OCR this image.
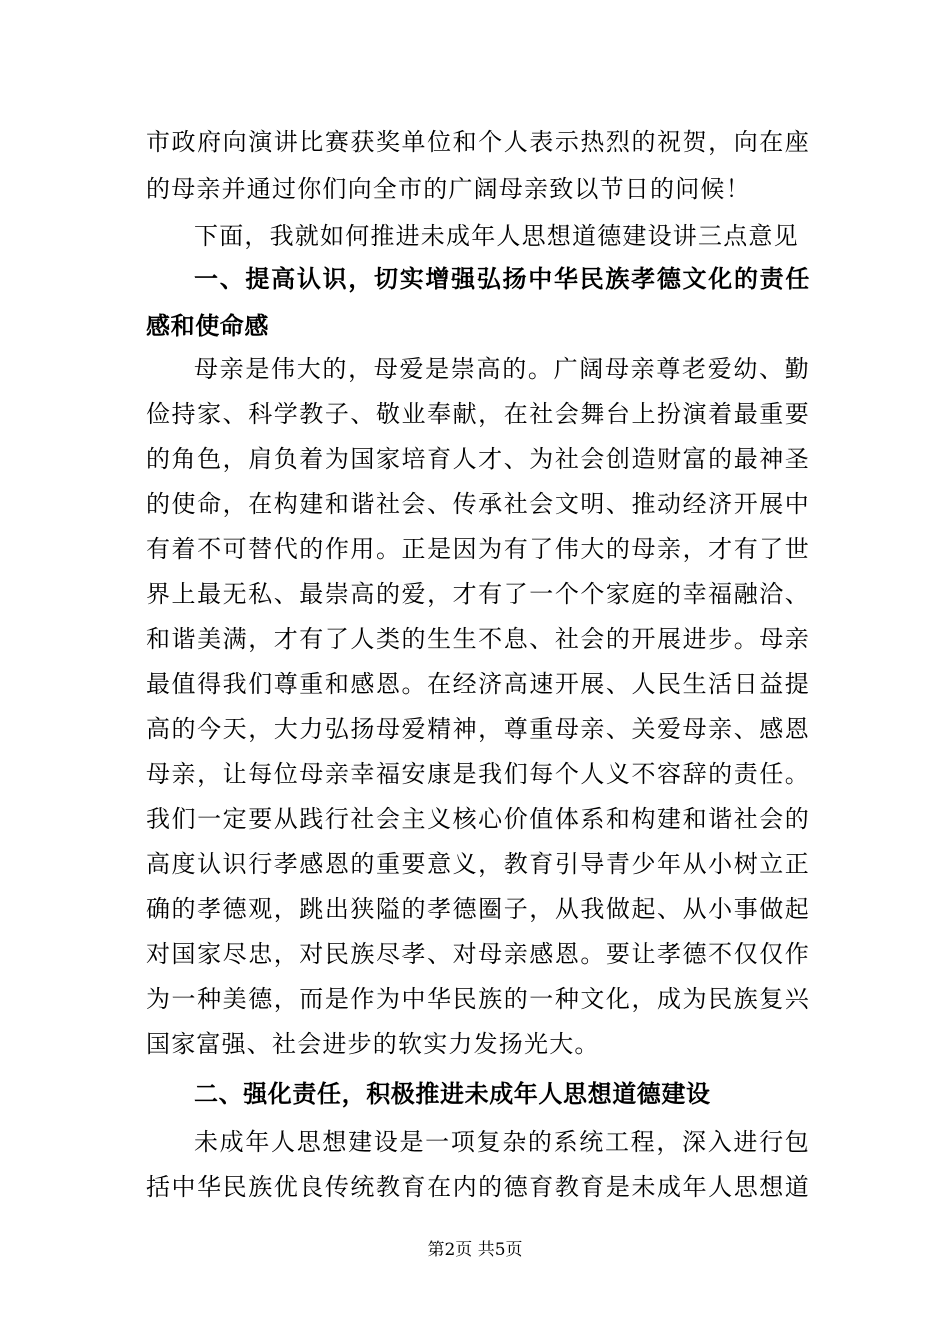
市政府向演讲比赛获奖单位和个人表示热烈的祝贺，向在座
的母亲并通过你们向全市的广阔母亲致以节日的问候！
下面，我就如何推进未成年人思想道德建设讲三点意见
一、提高认识，切实增强弘扬中华民族孝德文化的责任
感和使命感
母亲是伟大的，母爱是崇高的。广阔母亲尊老爱幼、勤
俭持家、科学教子、敬业奉献，在社会舞台上扮演着最重要
的角色，肩负着为国家培育人才、为社会创造财富的最神圣
的使命，在构建和谐社会、传承社会文明、推动经济开展中
有着不可替代的作用。正是因为有了伟大的母亲，才有了世
界上最无私、最崇高的爱，才有了一个个家庭的幸福融洽、
和谐美满，才有了人类的生生不息、社会的开展进步。母亲
最值得我们尊重和感恩。在经济高速开展、人民生活日益提
高的今天，大力弘扬母爱精神，尊重母亲、关爱母亲、感恩
母亲，让每位母亲幸福安康是我们每个人义不容辞的责任。
我们一定要从践行社会主义核心价值体系和构建和谐社会的
高度认识行孝感恩的重要意义，教育引导青少年从小树立正
确的孝德观，跳出狭隘的孝德圈子，从我做起、从小事做起
对国家尽忠，对民族尽孝、对母亲感恩。要让孝德不仅仅作
为一种美德，而是作为中华民族的一种文化，成为民族复兴
国家富强、社会进步的软实力发扬光大。
二、强化责任，积极推进未成年人思想道德建设
未成年人思想建设是一项复杂的系统工程，深入进行包
括中华民族优良传统教育在内的德育教育是未成年人思想道
第2页 共5页
